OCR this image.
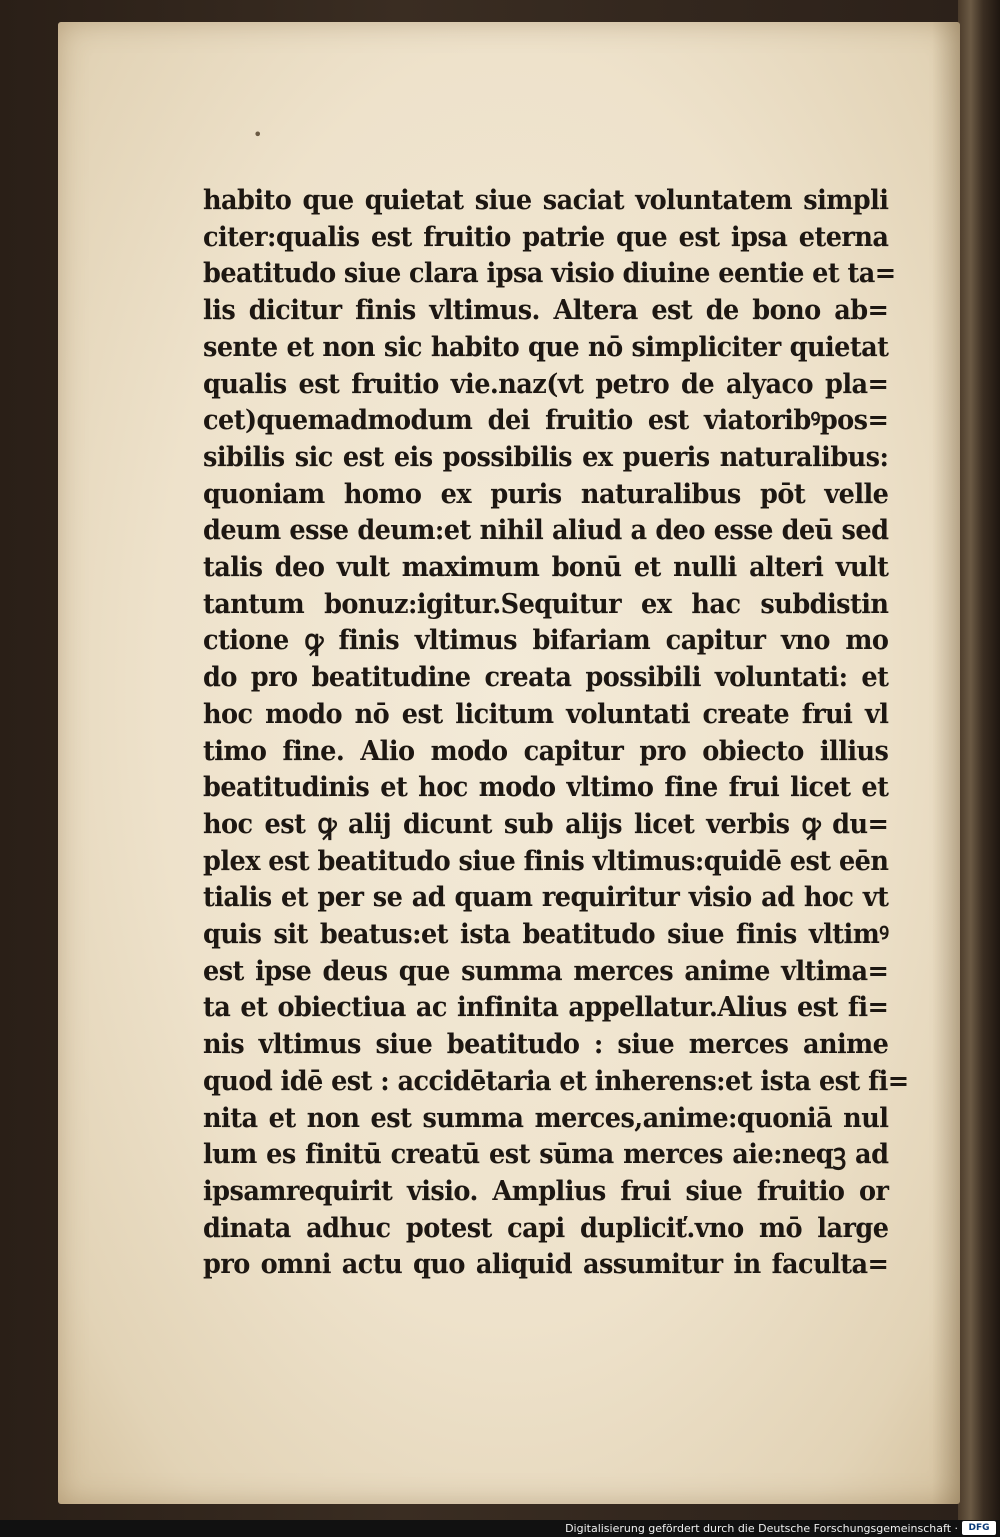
•
habito que quietat siue saciat voluntatem simpli
citer:qualis est fruitio patrie que est ipsa eterna
beatitudo siue clara ipsa visio diuine eentie et ta=
lis dicitur finis vltimus. Altera est de bono ab=
sente et non sic habito que nō simpliciter quietat
qualis est fruitio vie.naz(vt petro de alyaco pla=
cet)quemadmodum dei fruitio est viatoribꝰpos=
sibilis sic est eis possibilis ex pueris naturalibus:
quoniam homo ex puris naturalibus pōt velle
deum esse deum:et nihil aliud a deo esse deū sed
talis deo vult maximum bonū et nulli alteri vult
tantum bonuz:igitur.Sequitur ex hac subdistin
ctione ꝙ finis vltimus bifariam capitur vno mo
do pro beatitudine creata possibili voluntati: et
hoc modo nō est licitum voluntati create frui vl
timo fine. Alio modo capitur pro obiecto illius
beatitudinis et hoc modo vltimo fine frui licet et
hoc est ꝙ alij dicunt sub alijs licet verbis ꝙ du=
plex est beatitudo siue finis vltimus:quidē est eēn
tialis et per se ad quam requiritur visio ad hoc vt
quis sit beatus:et ista beatitudo siue finis vltimꝰ
est ipse deus que summa merces anime vltima=
ta et obiectiua ac infinita appellatur.Alius est fi=
nis vltimus siue beatitudo : siue merces anime
quod idē est : accidētaria et inherens:et ista est fi=
nita et non est summa merces,anime:quoniā nul
lum es finitū creatū est sūma merces aie:neqꝫ ad
ipsamrequirit visio. Amplius frui siue fruitio or
dinata adhuc potest capi dupliciť.vno mō large
pro omni actu quo aliquid assumitur in faculta=
Digitalisierung gefördert durch die Deutsche Forschungsgemeinschaft ·	DFG
